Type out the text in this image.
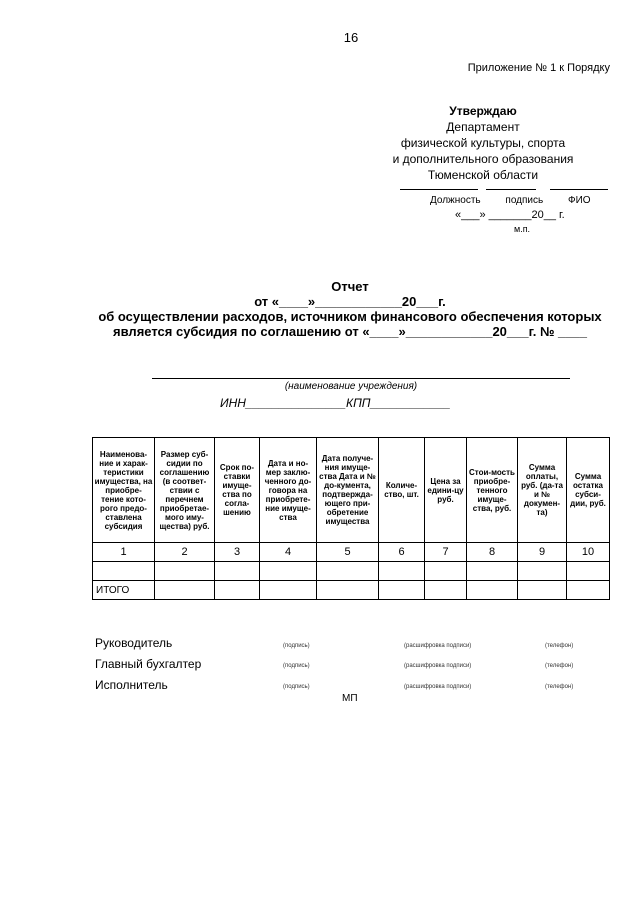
16
Приложение № 1 к Порядку
Утверждаю
Департамент
физической культуры, спорта
и дополнительного образования
Тюменской области
Должность подпись ФИО
«___» _______20__ г.
м.п.
Отчет
от «____»____________20___г.
об осуществлении расходов, источником финансового обеспечения которых
является субсидия по соглашению от «____»____________20___г. № ____
(наименование учреждения)
ИНН_______________КПП____________
Наименова-ние и харак-теристики имущества, на приобре-тение кото-рого предо-ставлена субсидия	Размер суб-сидии по соглашению (в соответ-ствии с перечнем приобретае-мого иму-щества) руб.	Срок по-ставки имуще-ства по согла-шению	Дата и но-мер заклю-ченного до-говора на приобрете-ние имуще-ства	Дата получе-ния имуще-ства Дата и № до-кумента, подтвержда-ющего при-обретение имущества	Количе-ство, шт.	Цена за едини-цу руб.	Стои-мость приобре-тенного имуще-ства, руб.	Сумма оплаты, руб. (да-та и № докумен-та)	Сумма остатка субси-дии, руб.
1	2	3	4	5	6	7	8	9	10

ИТОГО									
Руководитель	(подпись)	(расшифровка подписи)	(телефон)
Главный бухгалтер	(подпись)	(расшифровка подписи)	(телефон)
Исполнитель	(подпись)	(расшифровка подписи)	(телефон)
МП
